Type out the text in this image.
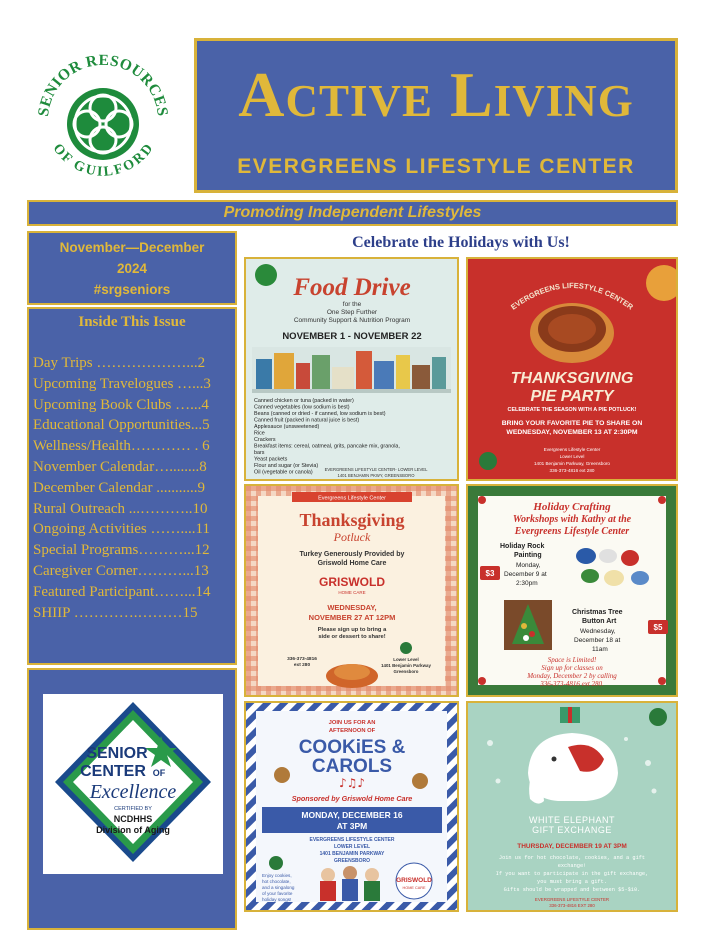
SENIOR RESOURCES
OF GUILFORD
Active Living
EVERGREENS LIFESTYLE CENTER
Promoting Independent Lifestyles
November—December
2024
#srgseniors
Inside This Issue
Day Trips ………………...2
Upcoming Travelogues …...3
Upcoming Book Clubs …...4
Educational Opportunities...5
Wellness/Health………… . 6
November Calendar…........8
December Calendar ...........9
Rural Outreach ...………..10
Ongoing Activities ……....11
Special Programs………...12
Caregiver Corner………...13
Featured Participant……...14
SHIIP ………….………15
SENIOR
CENTER OF
Excellence
CERTIFIED BY
NCDHHS
Division of Aging
Celebrate the Holidays with Us!
Food Drive
for the
One Step Further
Community Support & Nutrition Program
NOVEMBER 1 - NOVEMBER 22
Canned chicken or tuna (packed in water)
Canned vegetables (low sodium is best)
Beans (canned or dried - if canned, low sodium is best)
Canned fruit (packed in natural juice is best)
Applesauce (unsweetened)
Rice
Crackers
Breakfast items: cereal, oatmeal, grits, pancake mix, granola,
bars
Yeast packets
Flour and sugar (or Stevia)
Oil (vegetable or canola)	EVERGREENS LIFESTYLE CENTER- LOWER LEVEL
1401 BENJAMIN PKWY, GREENSBORO
EVERGREENS LIFESTYLE CENTER
THANKSGIVING
PIE PARTY
CELEBRATE THE SEASON WITH A PIE POTLUCK!
BRING YOUR FAVORITE PIE TO SHARE ON
WEDNESDAY, NOVEMBER 13 AT 2:30PM
Evergreens Lifestyle Center
Lower Level
1401 Benjamin Parkway, Greensboro
336-373-4816 ext 280
Evergreens Lifestyle Center
Thanksgiving
Potluck
Turkey Generously Provided by
Griswold Home Care
GRISWOLD
HOME CARE
WEDNESDAY,
NOVEMBER 27 AT 12PM
Please sign up to bring a
side or dessert to share!
336-373-4816
ext 280
Lower Level
1401 Benjamin Parkway
Greensboro
Holiday Crafting
Workshops with Kathy at the
Evergreens Lifestyle Center
Holiday Rock
Painting
Monday,
December 9 at
2:30pm
$3
Christmas Tree
Button Art
Wednesday,
December 18 at
11am
$5
Space is Limited!
Sign up for classes on
Monday, December 2 by calling
336-373-4816 ext 280.
JOIN US FOR AN
AFTERNOON OF
COOKiES &
CAROLS
♪♫♪
Sponsored by Griswold Home Care
MONDAY, DECEMBER 16
AT 3PM
EVERGREENS LIFESTYLE CENTER
LOWER LEVEL
1401 BENJAMIN PARKWAY
GREENSBORO
Enjoy cookies,
hot chocolate,
and a singalong
of your favorite
holiday songs!
GRISWOLD
HOME CARE
WHITE ELEPHANT
GIFT EXCHANGE
THURSDAY, DECEMBER 19 AT 3PM
Join us for hot chocolate, cookies, and a gift
exchange!
If you want to participate in the gift exchange,
you must bring a gift.
Gifts should be wrapped and between $5-$10.
EVERGREENS LIFESTYLE CENTER
336-373-4816 EXT 280
